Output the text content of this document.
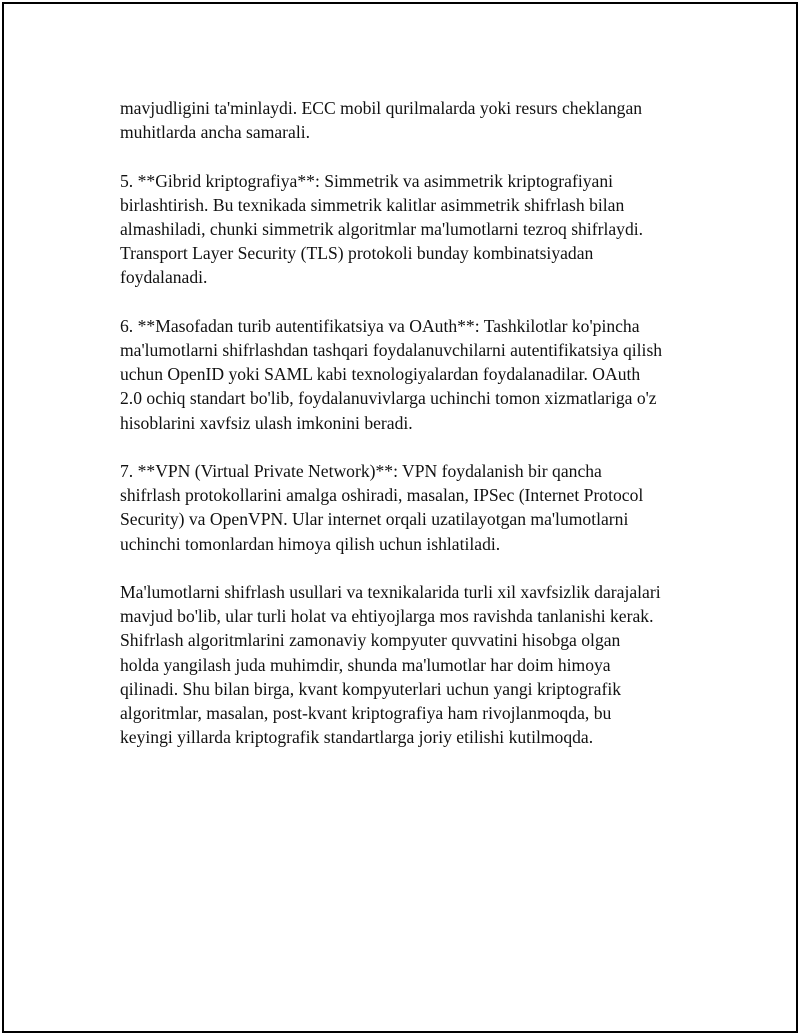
mavjudligini ta'minlaydi. ECC mobil qurilmalarda yoki resurs cheklangan
muhitlarda ancha samarali.

5. **Gibrid kriptografiya**: Simmetrik va asimmetrik kriptografiyani
birlashtirish. Bu texnikada simmetrik kalitlar asimmetrik shifrlash bilan
almashiladi, chunki simmetrik algoritmlar ma'lumotlarni tezroq shifrlaydi.
Transport Layer Security (TLS) protokoli bunday kombinatsiyadan
foydalanadi.

6. **Masofadan turib autentifikatsiya va OAuth**: Tashkilotlar ko'pincha
ma'lumotlarni shifrlashdan tashqari foydalanuvchilarni autentifikatsiya qilish
uchun OpenID yoki SAML kabi texnologiyalardan foydalanadilar. OAuth
2.0 ochiq standart bo'lib, foydalanuvivlarga uchinchi tomon xizmatlariga o'z
hisoblarini xavfsiz ulash imkonini beradi.

7. **VPN (Virtual Private Network)**: VPN foydalanish bir qancha
shifrlash protokollarini amalga oshiradi, masalan, IPSec (Internet Protocol
Security) va OpenVPN. Ular internet orqali uzatilayotgan ma'lumotlarni
uchinchi tomonlardan himoya qilish uchun ishlatiladi.

Ma'lumotlarni shifrlash usullari va texnikalarida turli xil xavfsizlik darajalari
mavjud bo'lib, ular turli holat va ehtiyojlarga mos ravishda tanlanishi kerak.
Shifrlash algoritmlarini zamonaviy kompyuter quvvatini hisobga olgan
holda yangilash juda muhimdir, shunda ma'lumotlar har doim himoya
qilinadi. Shu bilan birga, kvant kompyuterlari uchun yangi kriptografik
algoritmlar, masalan, post-kvant kriptografiya ham rivojlanmoqda, bu
keyingi yillarda kriptografik standartlarga joriy etilishi kutilmoqda.
